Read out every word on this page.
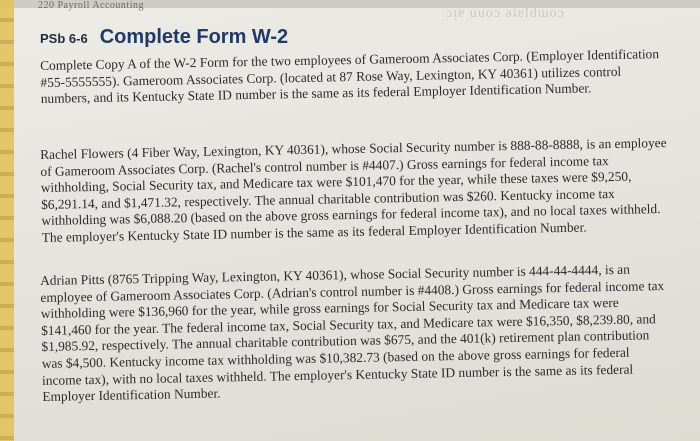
220 Payroll Accounting
ɔᴉɐ uuoɔ ǝʇɐldɯoɔ
PSb 6-6 Complete Form W-2

Complete Copy A of the W-2 Form for the two employees of Gameroom Associates Corp. (Employer Identification #55-5555555). Gameroom Associates Corp. (located at 87 Rose Way, Lexington, KY 40361) utilizes control numbers, and its Kentucky State ID number is the same as its federal Employer Identification Number.

Rachel Flowers (4 Fiber Way, Lexington, KY 40361), whose Social Security number is 888-88-8888, is an employee of Gameroom Associates Corp. (Rachel's control number is #4407.) Gross earnings for federal income tax withholding, Social Security tax, and Medicare tax were $101,470 for the year, while these taxes were $9,250, $6,291.14, and $1,471.32, respectively. The annual charitable contribution was $260. Kentucky income tax withholding was $6,088.20 (based on the above gross earnings for federal income tax), and no local taxes withheld. The employer's Kentucky State ID number is the same as its federal Employer Identification Number.

Adrian Pitts (8765 Tripping Way, Lexington, KY 40361), whose Social Security number is 444-44-4444, is an employee of Gameroom Associates Corp. (Adrian's control number is #4408.) Gross earnings for federal income tax withholding were $136,960 for the year, while gross earnings for Social Security tax and Medicare tax were $141,460 for the year. The federal income tax, Social Security tax, and Medicare tax were $16,350, $8,239.80, and $1,985.92, respectively. The annual charitable contribution was $675, and the 401(k) retirement plan contribution was $4,500. Kentucky income tax withholding was $10,382.73 (based on the above gross earnings for federal income tax), with no local taxes withheld. The employer's Kentucky State ID number is the same as its federal Employer Identification Number.
